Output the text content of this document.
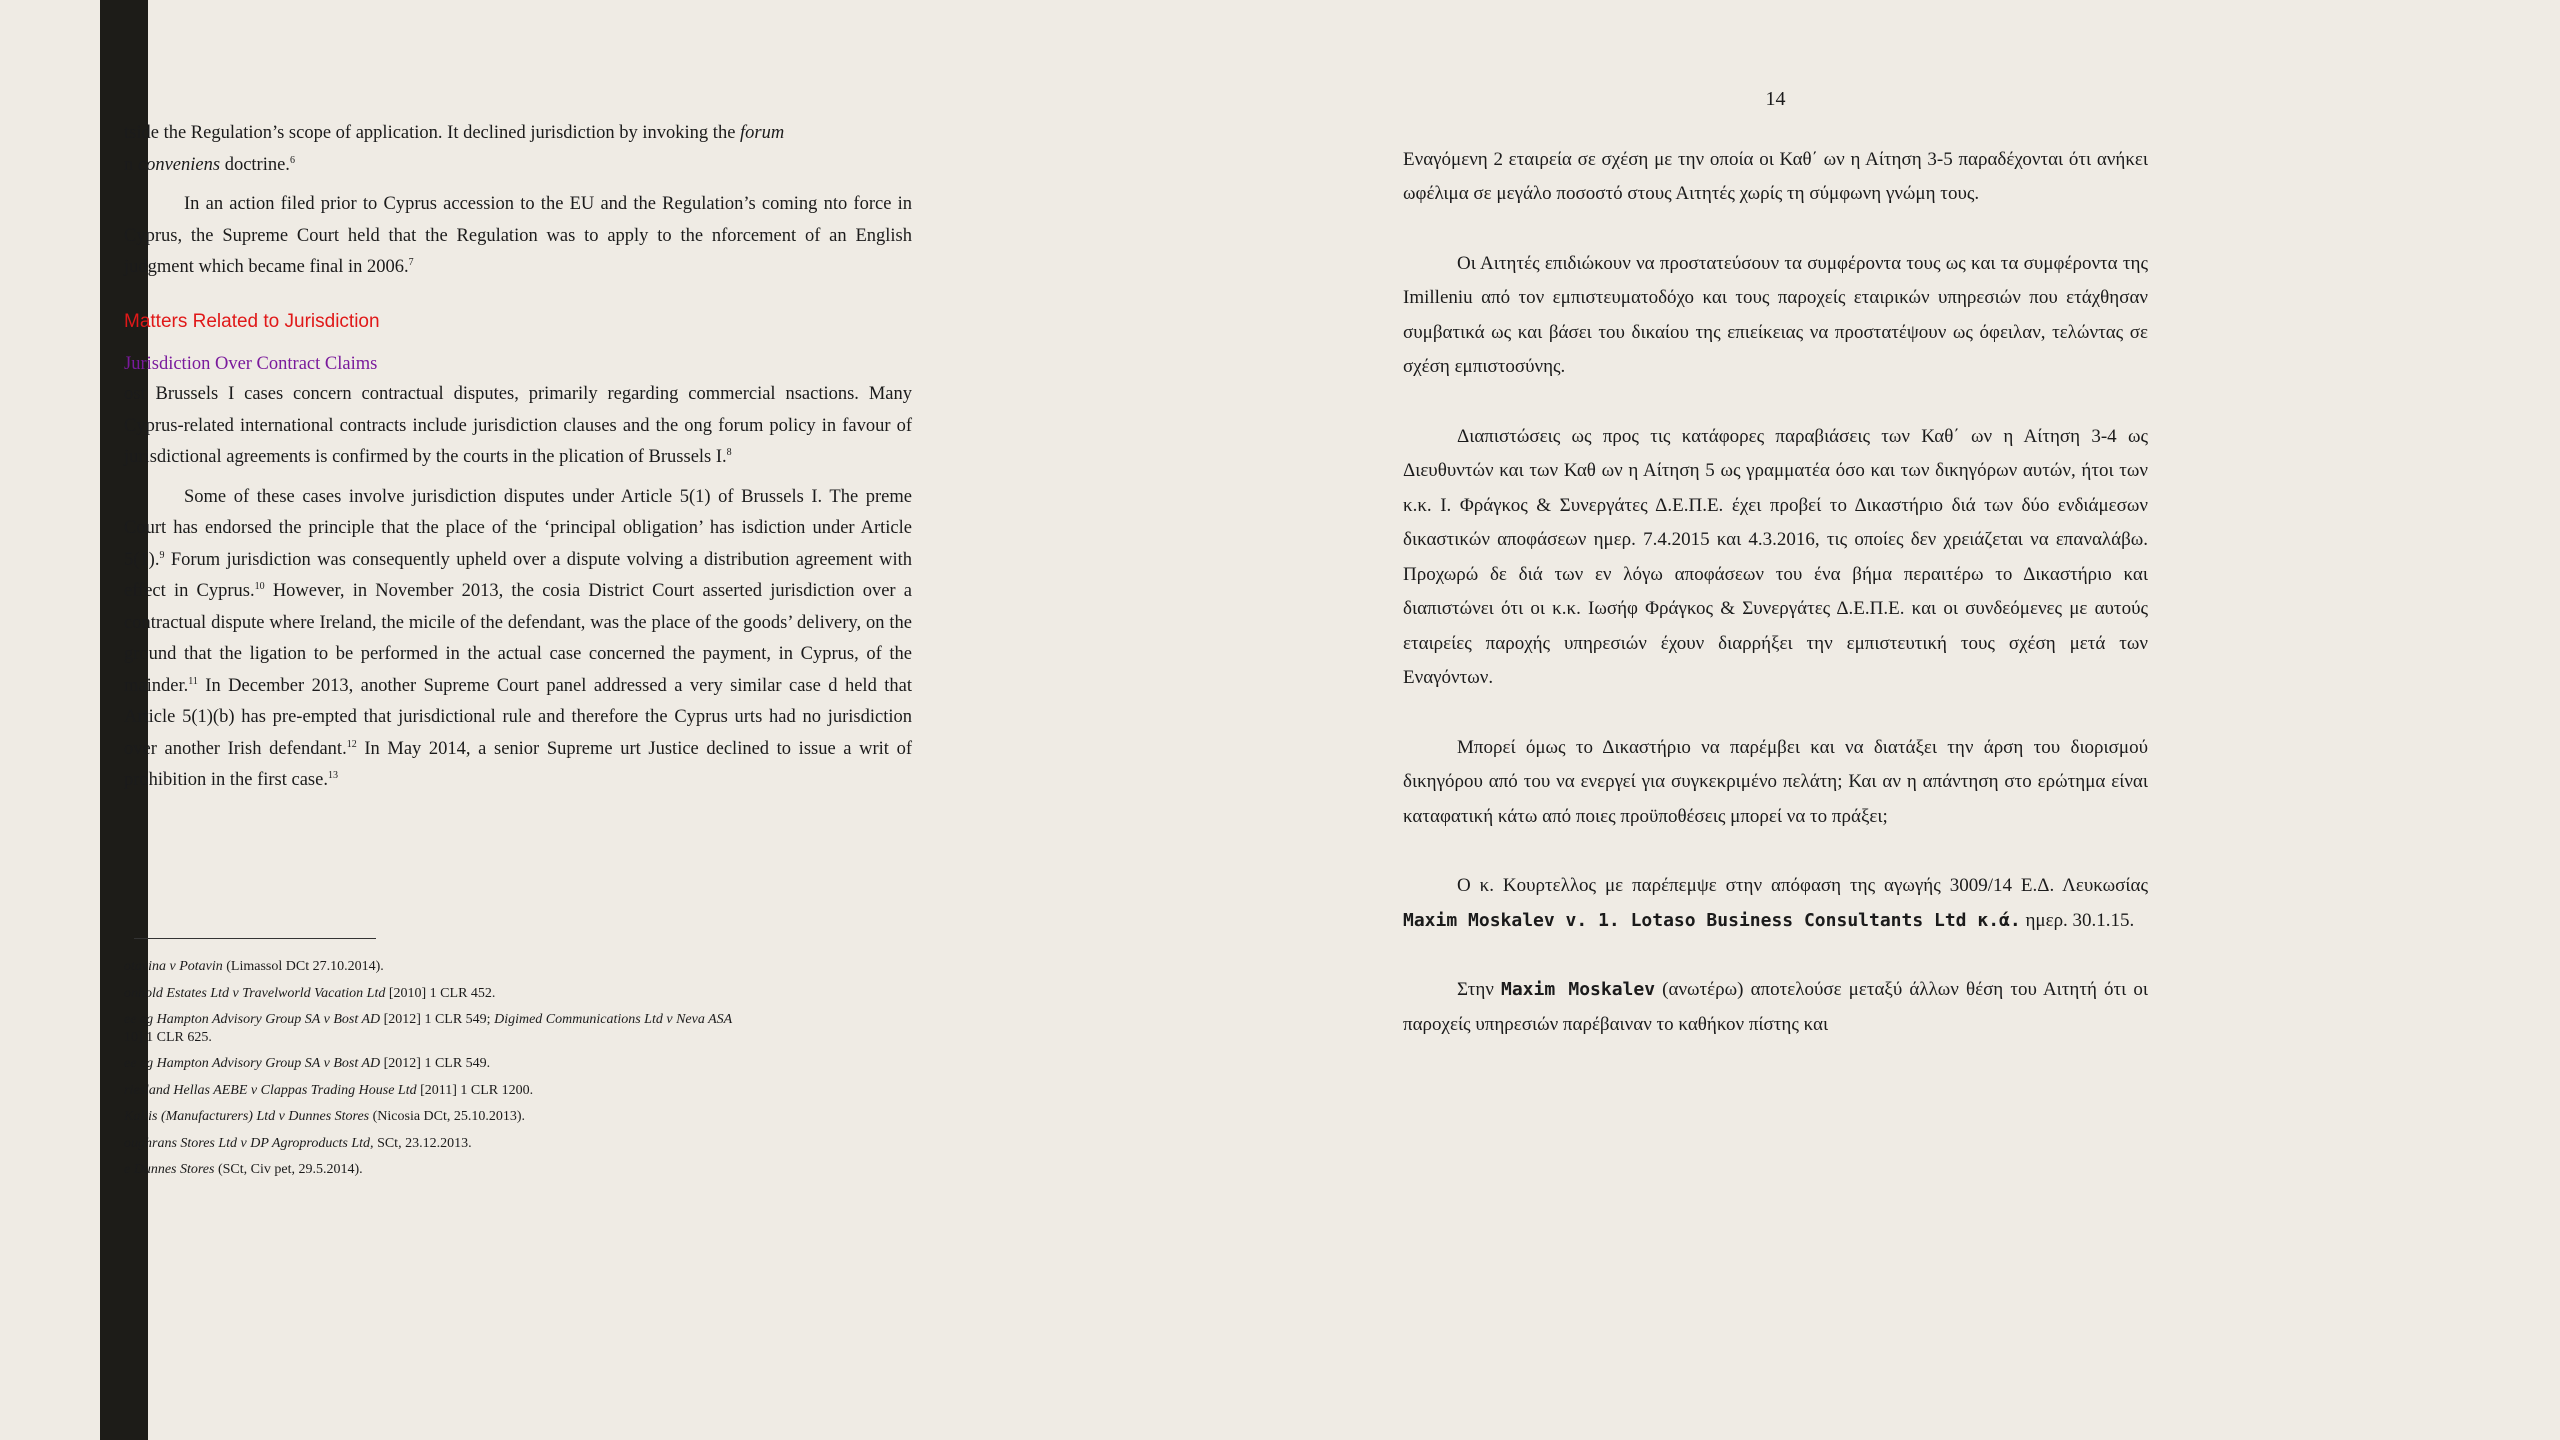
tside the Regulation’s scope of application. It declined jurisdiction by invoking the forum
n conveniens doctrine.$^6$

In an action filed prior to Cyprus accession to the EU and the Regulation’s coming nto force in Cyprus, the Supreme Court held that the Regulation was to apply to the nforcement of an English judgment which became final in 2006.$^7$

Matters Related to Jurisdiction
Jurisdiction Over Contract Claims

ost Brussels I cases concern contractual disputes, primarily regarding commercial nsactions. Many Cyprus-related international contracts include jurisdiction clauses and the ong forum policy in favour of jurisdictional agreements is confirmed by the courts in the plication of Brussels I.$^8$

Some of these cases involve jurisdiction disputes under Article 5(1) of Brussels I. The preme Court has endorsed the principle that the place of the ‘principal obligation’ has isdiction under Article 5(1).$^9$ Forum jurisdiction was consequently upheld over a dispute volving a distribution agreement with effect in Cyprus.$^{10}$ However, in November 2013, the cosia District Court asserted jurisdiction over a contractual dispute where Ireland, the micile of the defendant, was the place of the goods’ delivery, on the ground that the ligation to be performed in the actual case concerned the payment, in Cyprus, of the mainder.$^{11}$ In December 2013, another Supreme Court panel addressed a very similar case d held that Article 5(1)(b) has pre-empted that jurisdictional rule and therefore the Cyprus urts had no jurisdiction over another Irish defendant.$^{12}$ In May 2014, a senior Supreme urt Justice declined to issue a writ of prohibition in the first case.$^{13}$

otavina v Potavin (Limassol DCt 27.10.2014).
onhold Estates Ltd v Travelworld Vacation Ltd [2010] 1 CLR 452.
ee eg Hampton Advisory Group SA v Bost AD [2012] 1 CLR 549; Digimed Communications Ltd v Neva ASA
10] 1 CLR 625.
ee eg Hampton Advisory Group SA v Bost AD [2012] 1 CLR 549.
riesland Hellas AEBE v Clappas Trading House Ltd [2011] 1 CLR 1200.
Kallis (Manufacturers) Ltd v Dunnes Stores (Nicosia DCt, 25.10.2013).
oughrans Stores Ltd v DP Agroproducts Ltd, SCt, 23.12.2013.
e Dunnes Stores (SCt, Civ pet, 29.5.2014).
14

Εναγόμενη 2 εταιρεία σε σχέση με την οποία οι Καθ΄ ων η Αίτηση 3-5 παραδέχονται ότι ανήκει ωφέλιμα σε μεγάλο ποσοστό στους Αιτητές χωρίς τη σύμφωνη γνώμη τους.

Οι Αιτητές επιδιώκουν να προστατεύσουν τα συμφέροντα τους ως και τα συμφέροντα της Imilleniu από τον εμπιστευματοδόχο και τους παροχείς εταιρικών υπηρεσιών που ετάχθησαν συμβατικά ως και βάσει του δικαίου της επιείκειας να προστατέψουν ως όφειλαν, τελώντας σε σχέση εμπιστοσύνης.

Διαπιστώσεις ως προς τις κατάφορες παραβιάσεις των Καθ΄ ων η Αίτηση 3-4 ως Διευθυντών και των Καθ ων η Αίτηση 5 ως γραμματέα όσο και των δικηγόρων αυτών, ήτοι των κ.κ. Ι. Φράγκος & Συνεργάτες Δ.Ε.Π.Ε. έχει προβεί το Δικαστήριο διά των δύο ενδιάμεσων δικαστικών αποφάσεων ημερ. 7.4.2015 και 4.3.2016, τις οποίες δεν χρειάζεται να επαναλάβω. Προχωρώ δε διά των εν λόγω αποφάσεων του ένα βήμα περαιτέρω το Δικαστήριο και διαπιστώνει ότι οι κ.κ. Ιωσήφ Φράγκος & Συνεργάτες Δ.Ε.Π.Ε. και οι συνδεόμενες με αυτούς εταιρείες παροχής υπηρεσιών έχουν διαρρήξει την εμπιστευτική τους σχέση μετά των Εναγόντων.

Μπορεί όμως το Δικαστήριο να παρέμβει και να διατάξει την άρση του διορισμού δικηγόρου από του να ενεργεί για συγκεκριμένο πελάτη; Και αν η απάντηση στο ερώτημα είναι καταφατική κάτω από ποιες προϋποθέσεις μπορεί να το πράξει;

Ο κ. Κουρτελλος με παρέπεμψε στην απόφαση της αγωγής 3009/14 Ε.Δ. Λευκωσίας Maxim Moskalev v. 1. Lotaso Business Consultants Ltd κ.ά. ημερ. 30.1.15.

Στην Maxim Moskalev (ανωτέρω) αποτελούσε μεταξύ άλλων θέση του Αιτητή ότι οι παροχείς υπηρεσιών παρέβαιναν το καθήκον πίστης και
